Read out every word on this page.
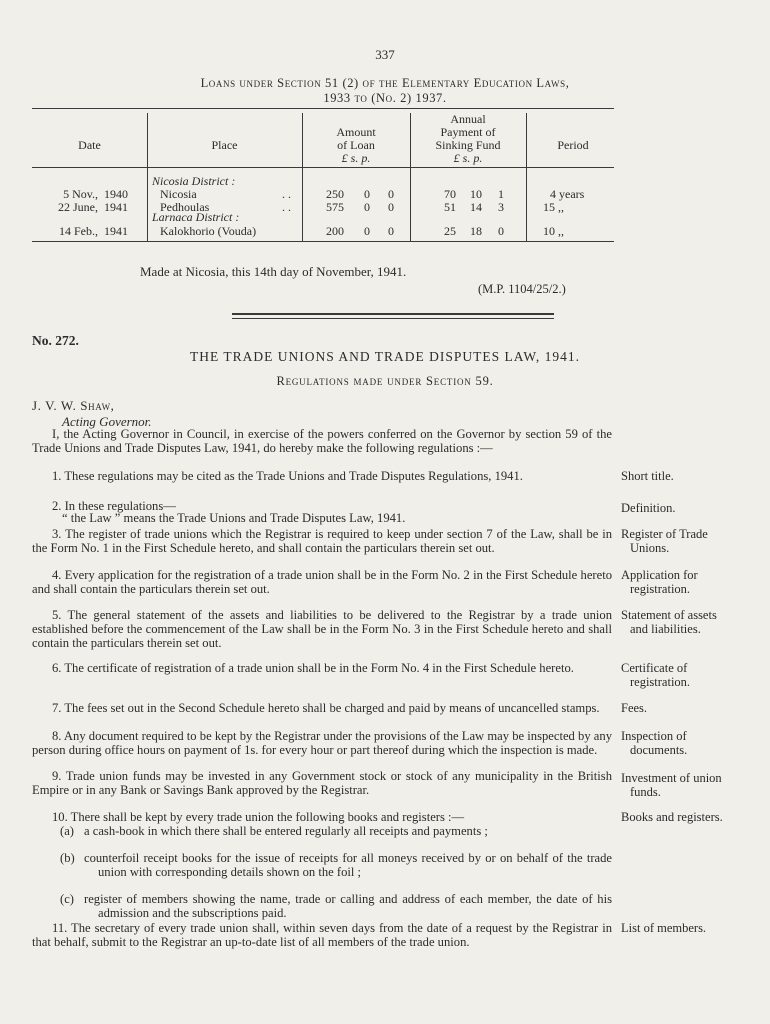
337
Loans under Section 51 (2) of the Elementary Education Laws,
1933 to (No. 2) 1937.
Date	Place
Amount
of Loan
£ s. p.
Annual
Payment of
Sinking Fund
£ s. p.
Period
Nicosia District :
Larnaca District :
5 Nov., 1940	Nicosia	. .	250	0	0	70	10	1	4 years
22 June, 1941	Pedhoulas	. .	575	0	0	51	14	3	15 ,,
14 Feb., 1941	Kalokhorio (Vouda)	200	0	0	25	18	0	10 ,,
Made at Nicosia, this 14th day of November, 1941.
(M.P. 1104/25/2.)
No. 272.
THE TRADE UNIONS AND TRADE DISPUTES LAW, 1941.
Regulations made under Section 59.
J. V. W. Shaw,
Acting Governor.
I, the Acting Governor in Council, in exercise of the powers conferred on the Governor by section 59 of the Trade Unions and Trade Disputes Law, 1941, do hereby make the following regulations :—
1. These regulations may be cited as the Trade Unions and Trade Disputes Regulations, 1941.	Short title.
2. In these regulations—	Definition.
“ the Law ” means the Trade Unions and Trade Disputes Law, 1941.
3. The register of trade unions which the Registrar is required to keep under section 7 of the Law, shall be in the Form No. 1 in the First Schedule hereto, and shall contain the particulars therein set out.
Register of Trade Unions.
4. Every application for the registration of a trade union shall be in the Form No. 2 in the First Schedule hereto and shall contain the particulars therein set out.
Application for registration.
5. The general statement of the assets and liabilities to be delivered to the Registrar by a trade union established before the commencement of the Law shall be in the Form No. 3 in the First Schedule hereto and shall contain the particulars therein set out.
Statement of assets and liabilities.
6. The certificate of registration of a trade union shall be in the Form No. 4 in the First Schedule hereto.	Certificate of registration.
7. The fees set out in the Second Schedule hereto shall be charged and paid by means of uncancelled stamps.	Fees.
8. Any document required to be kept by the Registrar under the provisions of the Law may be inspected by any person during office hours on payment of 1s. for every hour or part thereof during which the inspection is made.
Inspection of documents.
9. Trade union funds may be invested in any Government stock or stock of any municipality in the British Empire or in any Bank or Savings Bank approved by the Registrar.
Investment of union funds.
10. There shall be kept by every trade union the following books and registers :—	Books and registers.
(a) a cash-book in which there shall be entered regularly all receipts and payments ;
(b) counterfoil receipt books for the issue of receipts for all moneys received by or on behalf of the trade union with corresponding details shown on the foil ;
(c) register of members showing the name, trade or calling and address of each member, the date of his admission and the subscriptions paid.
11. The secretary of every trade union shall, within seven days from the date of a request by the Registrar in that behalf, submit to the Registrar an up-to-date list of all members of the trade union.
List of members.
